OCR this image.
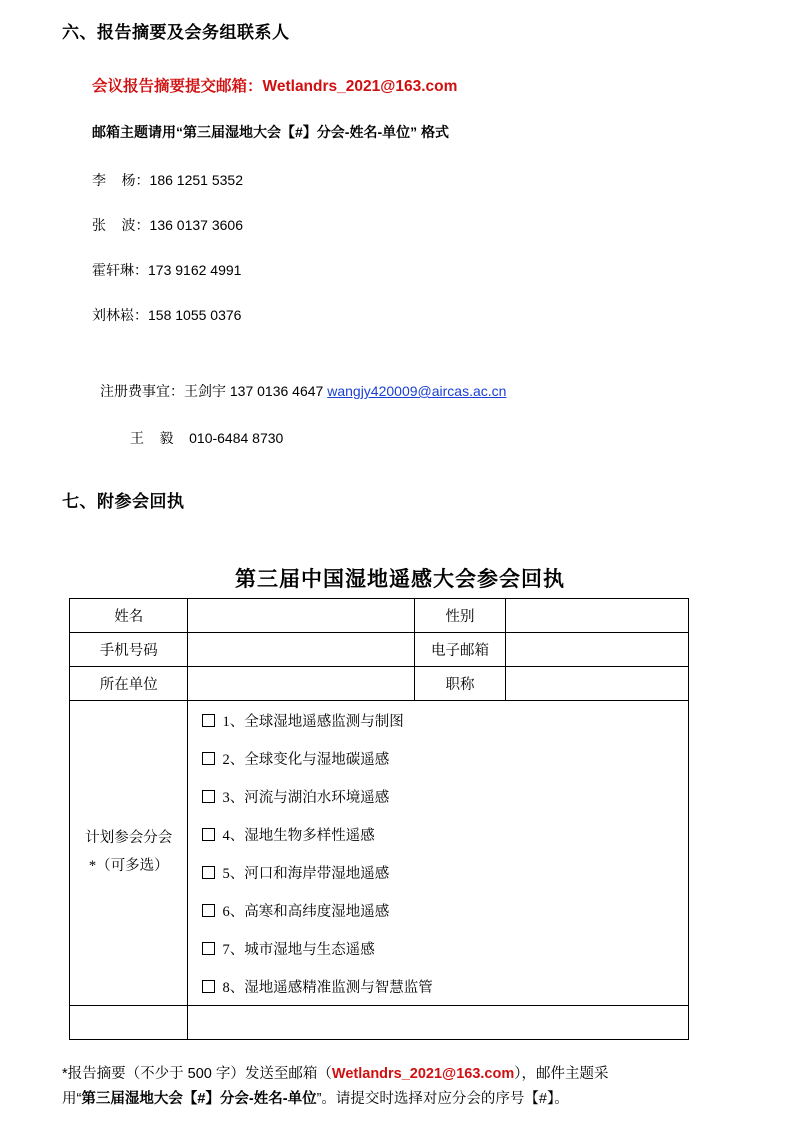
六、报告摘要及会务组联系人
会议报告摘要提交邮箱：Wetlandrs_2021@163.com
邮箱主题请用“第三届湿地大会【#】分会-姓名-单位” 格式
李    杨：186 1251 5352
张    波：136 0137 3606
霍轩琳：173 9162 4991
刘林崧：158 1055 0376
注册费事宜：王剑宇 137 0136 4647 wangjy420009@aircas.ac.cn
王    毅    010-6484 8730
七、附参会回执
第三届中国湿地遥感大会参会回执
姓名		性别	
手机号码		电子邮箱	
所在单位		职称	

计划参会分会
*（可多选）

1、全球湿地遥感监测与制图
2、全球变化与湿地碳遥感
3、河流与湖泊水环境遥感
4、湿地生物多样性遥感
5、河口和海岸带湿地遥感
6、高寒和高纬度湿地遥感
7、城市湿地与生态遥感
8、湿地遥感精准监测与智慧监管

*报告摘要（不少于 500 字）发送至邮箱（Wetlandrs_2021@163.com），邮件主题采
用“第三届湿地大会【#】分会-姓名-单位”。请提交时选择对应分会的序号【#】。
